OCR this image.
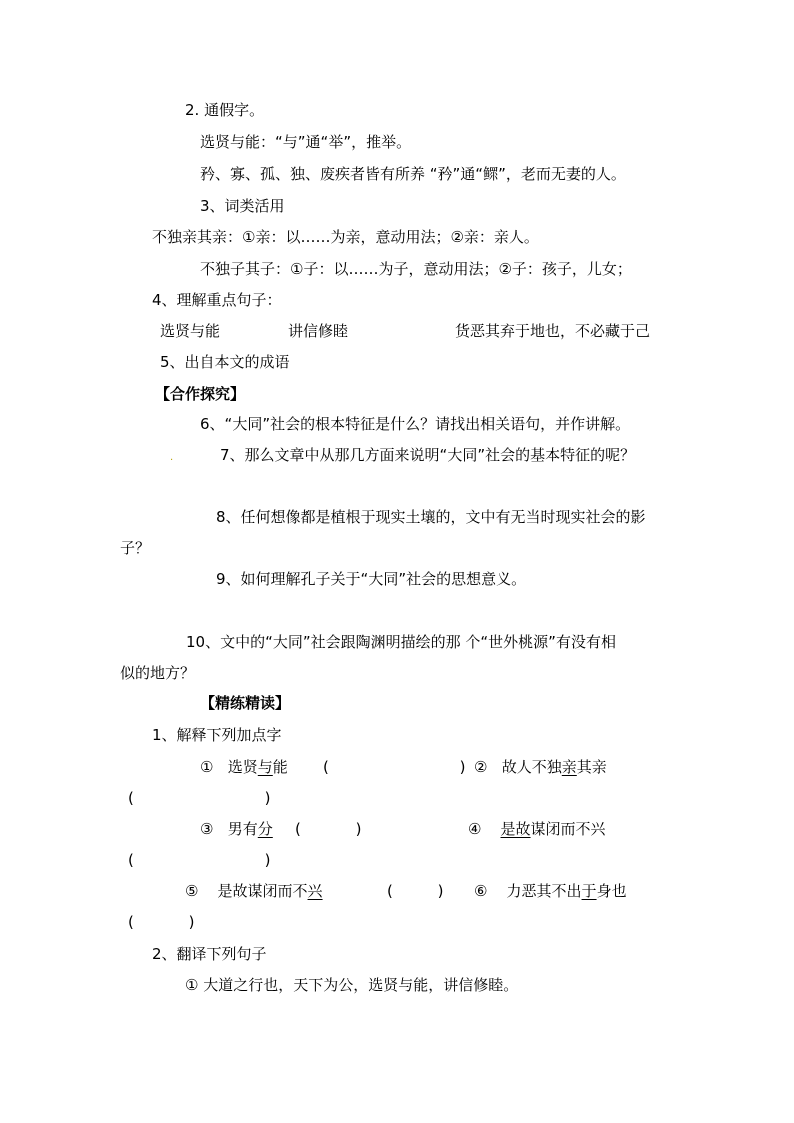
2. 通假字。
选贤与能：“与”通“举”，推举。
矜、寡、孤、独、废疾者皆有所养 “矜”通“鳏”，老而无妻的人。
3、词类活用
不独亲其亲：①亲：以……为亲，意动用法；②亲：亲人。
不独子其子：①子：以……为子，意动用法；②子：孩子，儿女；
4、理解重点句子：
选贤与能	讲信修睦	货恶其弃于地也，不必藏于己
5、出自本文的成语
【合作探究】
6、“大同”社会的根本特征是什么？请找出相关语句，并作讲解。
.	7、那么文章中从那几方面来说明“大同”社会的基本特征的呢？
8、任何想像都是植根于现实土壤的，文中有无当时现实社会的影
子？
9、如何理解孔子关于“大同”社会的思想意义。
10、文中的“大同”社会跟陶渊明描绘的那 个“世外桃源”有没有相
似的地方？
【精练精读】
1、解释下列加点字
① 选贤与能 (	) ② 故人不独亲其亲
(	)
③ 男有分 (	)	④ 是故谋闭而不兴
(	)
⑤ 是故谋闭而不兴	(	) ⑥ 力恶其不出于身也
(	)
2、翻译下列句子
① 大道之行也，天下为公，选贤与能，讲信修睦。
